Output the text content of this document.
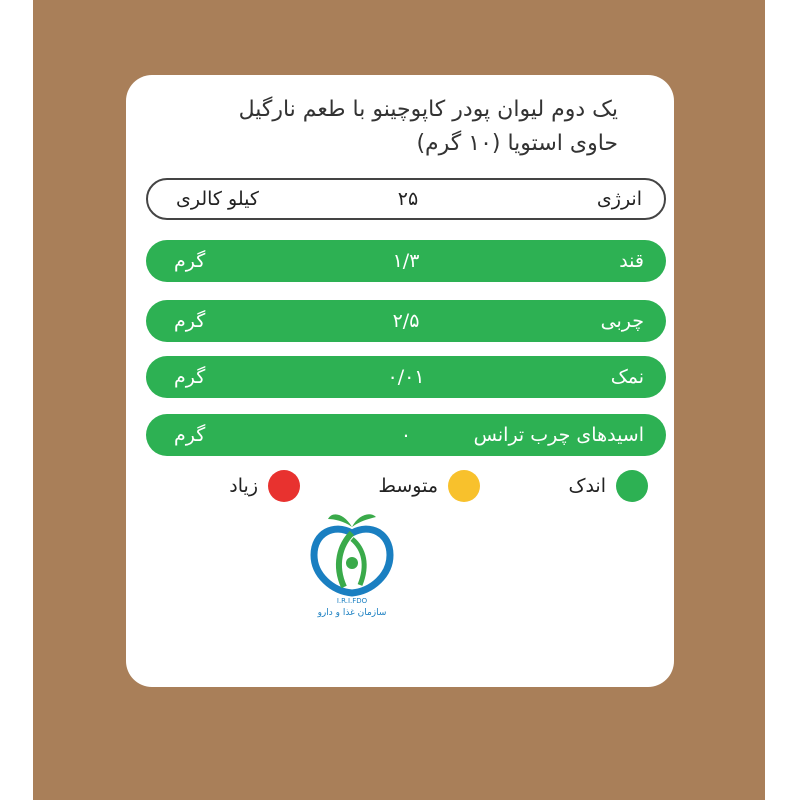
یک دوم لیوان پودر کاپوچینو با طعم نارگیل
حاوی استویا (۱۰ گرم)
انرژی
۲۵
کیلو کالری
قند
۱/۳
گرم
چربی
۲/۵
گرم
نمک
۰/۰۱
گرم
اسیدهای چرب ترانس
۰
گرم
اندک
متوسط
زیاد
I.R.I.FDO
سازمان غذا و دارو
